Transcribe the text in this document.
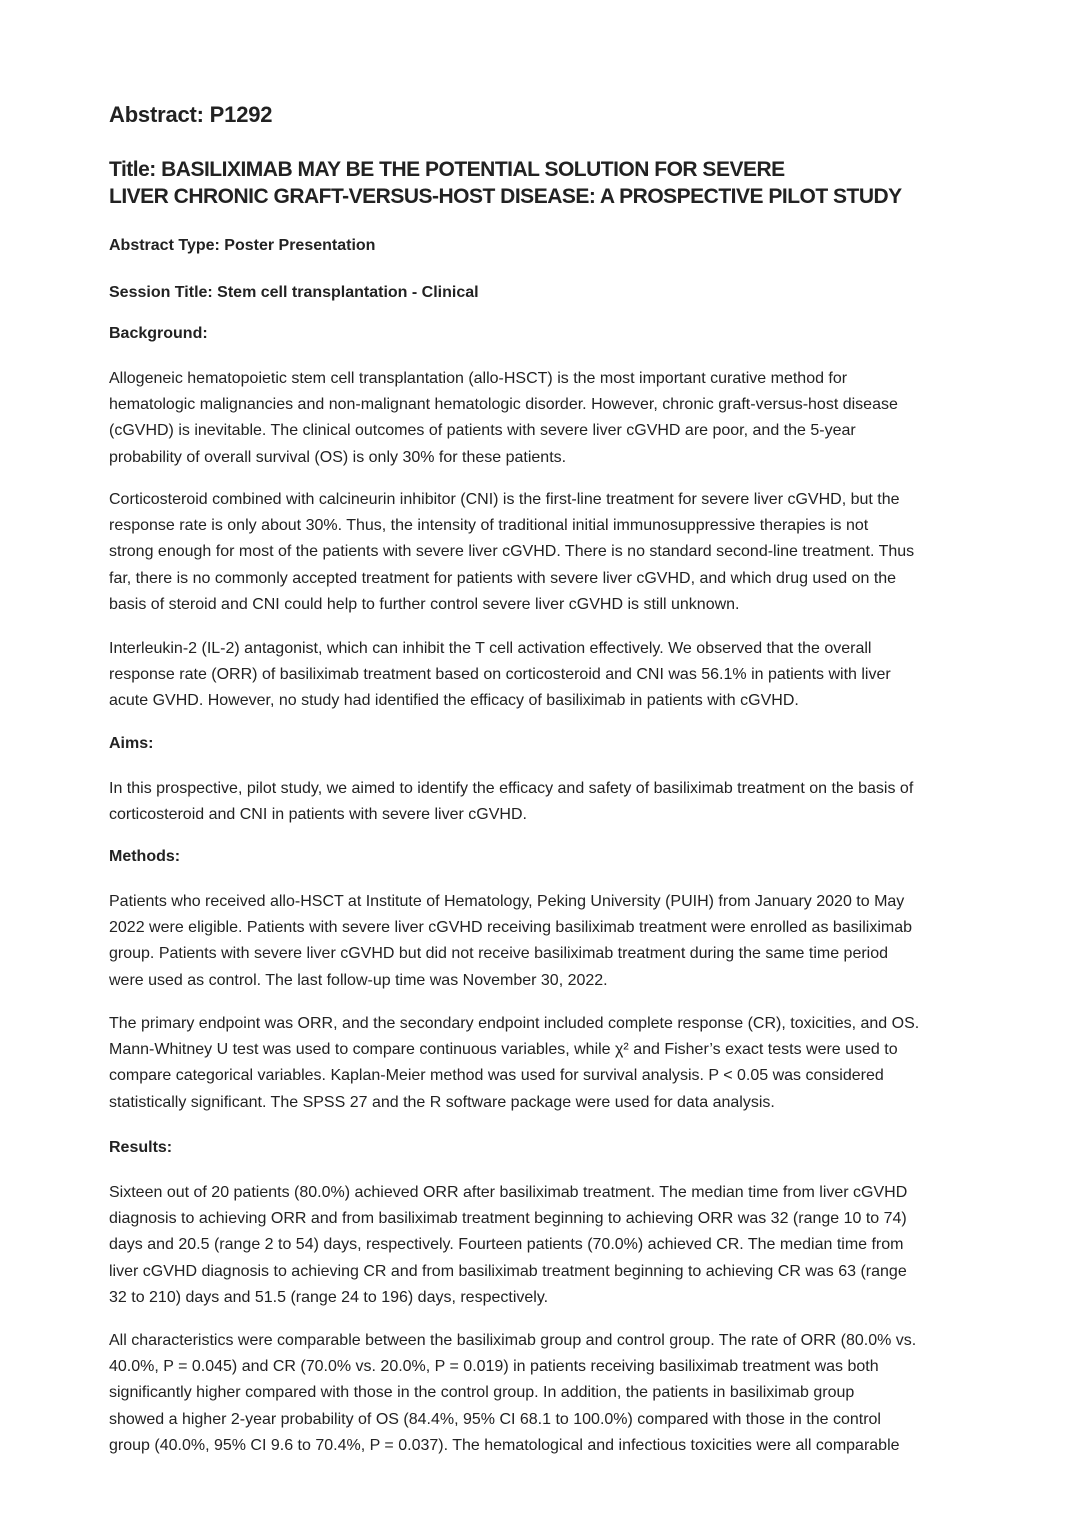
Abstract: P1292
Title: BASILIXIMAB MAY BE THE POTENTIAL SOLUTION FOR SEVERE
LIVER CHRONIC GRAFT-VERSUS-HOST DISEASE: A PROSPECTIVE PILOT STUDY

Abstract Type: Poster Presentation

Session Title: Stem cell transplantation - Clinical

Background:

Allogeneic hematopoietic stem cell transplantation (allo-HSCT) is the most important curative method for
hematologic malignancies and non-malignant hematologic disorder. However, chronic graft-versus-host disease
(cGVHD) is inevitable. The clinical outcomes of patients with severe liver cGVHD are poor, and the 5-year
probability of overall survival (OS) is only 30% for these patients.
Corticosteroid combined with calcineurin inhibitor (CNI) is the first-line treatment for severe liver cGVHD, but the
response rate is only about 30%. Thus, the intensity of traditional initial immunosuppressive therapies is not
strong enough for most of the patients with severe liver cGVHD. There is no standard second-line treatment. Thus
far, there is no commonly accepted treatment for patients with severe liver cGVHD, and which drug used on the
basis of steroid and CNI could help to further control severe liver cGVHD is still unknown.
Interleukin-2 (IL-2) antagonist, which can inhibit the T cell activation effectively. We observed that the overall
response rate (ORR) of basiliximab treatment based on corticosteroid and CNI was 56.1% in patients with liver
acute GVHD. However, no study had identified the efficacy of basiliximab in patients with cGVHD.

Aims:

In this prospective, pilot study, we aimed to identify the efficacy and safety of basiliximab treatment on the basis of
corticosteroid and CNI in patients with severe liver cGVHD.

Methods:

Patients who received allo-HSCT at Institute of Hematology, Peking University (PUIH) from January 2020 to May
2022 were eligible. Patients with severe liver cGVHD receiving basiliximab treatment were enrolled as basiliximab
group. Patients with severe liver cGVHD but did not receive basiliximab treatment during the same time period
were used as control. The last follow-up time was November 30, 2022.
The primary endpoint was ORR, and the secondary endpoint included complete response (CR), toxicities, and OS.
Mann-Whitney U test was used to compare continuous variables, while χ² and Fisher’s exact tests were used to
compare categorical variables. Kaplan-Meier method was used for survival analysis. P < 0.05 was considered
statistically significant. The SPSS 27 and the R software package were used for data analysis.

Results:

Sixteen out of 20 patients (80.0%) achieved ORR after basiliximab treatment. The median time from liver cGVHD
diagnosis to achieving ORR and from basiliximab treatment beginning to achieving ORR was 32 (range 10 to 74)
days and 20.5 (range 2 to 54) days, respectively. Fourteen patients (70.0%) achieved CR. The median time from
liver cGVHD diagnosis to achieving CR and from basiliximab treatment beginning to achieving CR was 63 (range
32 to 210) days and 51.5 (range 24 to 196) days, respectively.
All characteristics were comparable between the basiliximab group and control group. The rate of ORR (80.0% vs.
40.0%, P = 0.045) and CR (70.0% vs. 20.0%, P = 0.019) in patients receiving basiliximab treatment was both
significantly higher compared with those in the control group. In addition, the patients in basiliximab group
showed a higher 2-year probability of OS (84.4%, 95% CI 68.1 to 100.0%) compared with those in the control
group (40.0%, 95% CI 9.6 to 70.4%, P = 0.037). The hematological and infectious toxicities were all comparable
